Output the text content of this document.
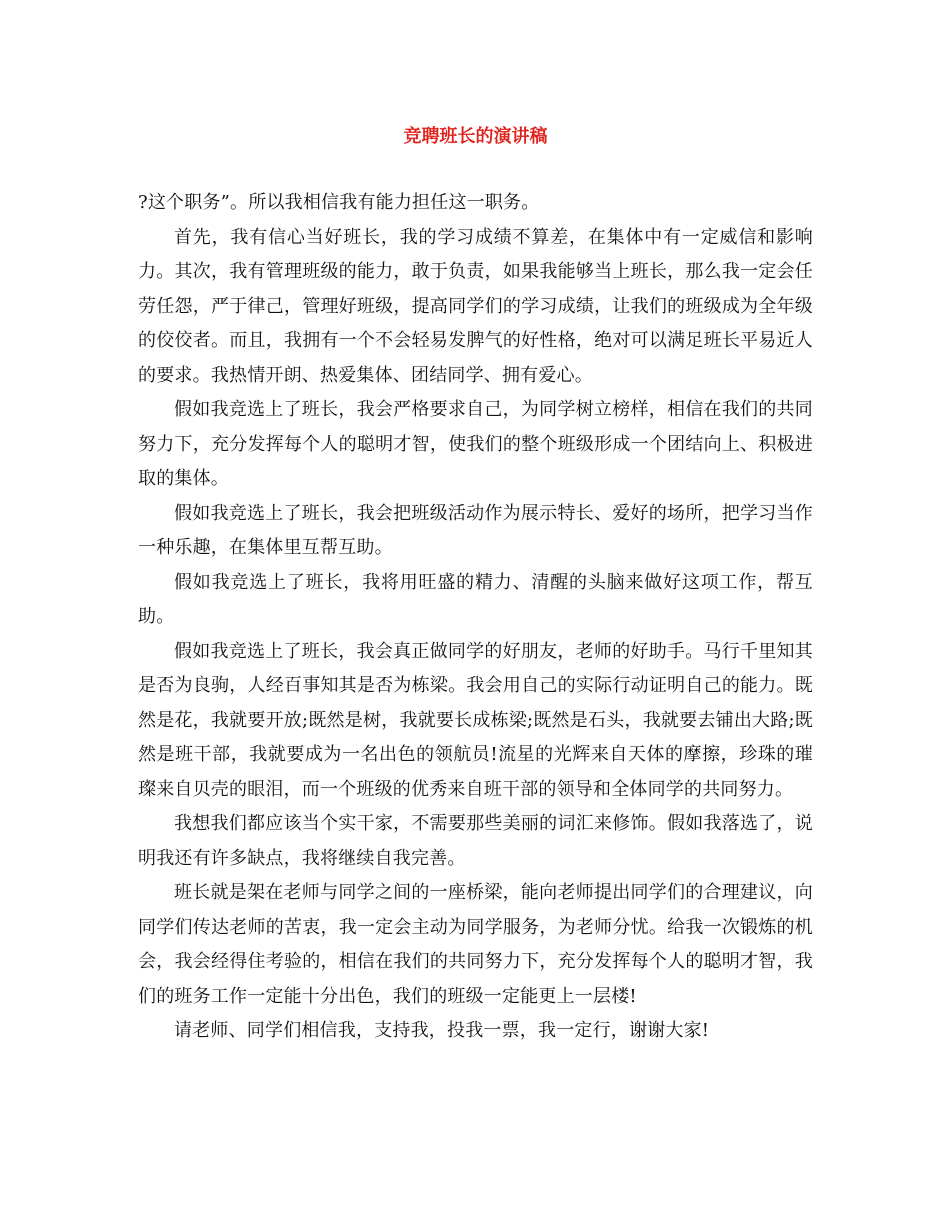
竞聘班长的演讲稿

?这个职务”。所以我相信我有能力担任这一职务。

首先，我有信心当好班长，我的学习成绩不算差，在集体中有一定威信和影响力。其次，我有管理班级的能力，敢于负责，如果我能够当上班长，那么我一定会任劳任怨，严于律己，管理好班级，提高同学们的学习成绩，让我们的班级成为全年级的佼佼者。而且，我拥有一个不会轻易发脾气的好性格，绝对可以满足班长平易近人的要求。我热情开朗、热爱集体、团结同学、拥有爱心。

假如我竞选上了班长，我会严格要求自己，为同学树立榜样，相信在我们的共同努力下，充分发挥每个人的聪明才智，使我们的整个班级形成一个团结向上、积极进取的集体。

假如我竞选上了班长，我会把班级活动作为展示特长、爱好的场所，把学习当作一种乐趣，在集体里互帮互助。

假如我竞选上了班长，我将用旺盛的精力、清醒的头脑来做好这项工作，帮互助。

假如我竞选上了班长，我会真正做同学的好朋友，老师的好助手。马行千里知其是否为良驹，人经百事知其是否为栋梁。我会用自己的实际行动证明自己的能力。既然是花，我就要开放;既然是树，我就要长成栋梁;既然是石头，我就要去铺出大路;既然是班干部，我就要成为一名出色的领航员!流星的光辉来自天体的摩擦，珍珠的璀璨来自贝壳的眼泪，而一个班级的优秀来自班干部的领导和全体同学的共同努力。

我想我们都应该当个实干家，不需要那些美丽的词汇来修饰。假如我落选了，说明我还有许多缺点，我将继续自我完善。

班长就是架在老师与同学之间的一座桥梁，能向老师提出同学们的合理建议，向同学们传达老师的苦衷，我一定会主动为同学服务，为老师分忧。给我一次锻炼的机会，我会经得住考验的，相信在我们的共同努力下，充分发挥每个人的聪明才智，我们的班务工作一定能十分出色，我们的班级一定能更上一层楼!

请老师、同学们相信我，支持我，投我一票，我一定行，谢谢大家!
